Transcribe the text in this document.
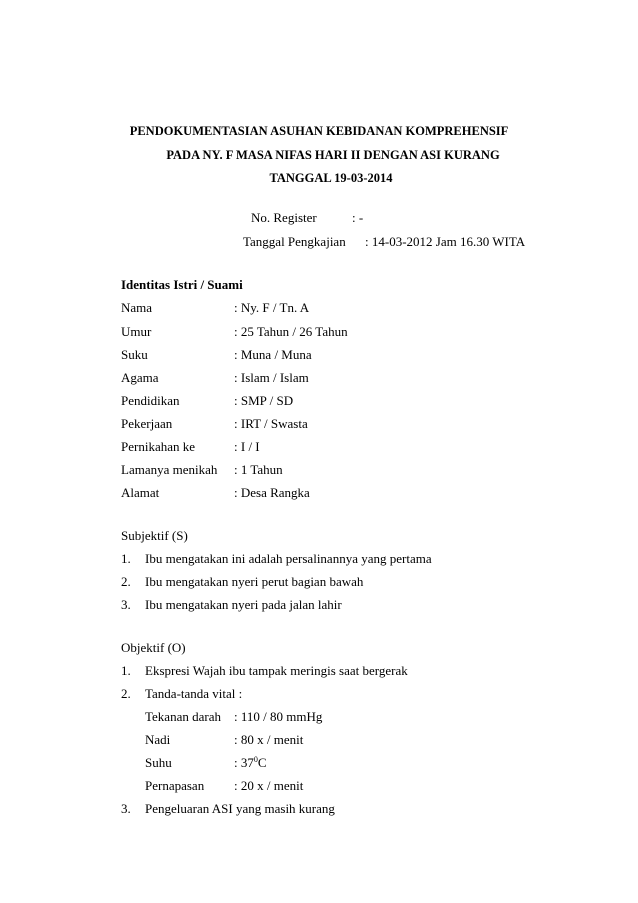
PENDOKUMENTASIAN ASUHAN KEBIDANAN KOMPREHENSIF
PADA NY. F MASA NIFAS HARI II DENGAN ASI KURANG
TANGGAL 19-03-2014
No. Register	: -
Tanggal Pengkajian : 14-03-2012 Jam 16.30 WITA
Identitas Istri / Suami
Nama	: Ny. F / Tn. A
Umur	: 25 Tahun / 26 Tahun
Suku	: Muna / Muna
Agama	: Islam / Islam
Pendidikan	: SMP / SD
Pekerjaan	: IRT / Swasta
Pernikahan ke	: I / I
Lamanya menikah : 1 Tahun
Alamat	: Desa Rangka
Subjektif (S)
1. Ibu mengatakan ini adalah persalinannya yang pertama
2. Ibu mengatakan nyeri perut bagian bawah
3. Ibu mengatakan nyeri pada jalan lahir
Objektif (O)
1. Ekspresi Wajah ibu tampak meringis saat bergerak
2. Tanda-tanda vital :
Tekanan darah : 110 / 80 mmHg
Nadi	: 80 x / menit
Suhu	: $37^0C$
Pernapasan : 20 x / menit
3. Pengeluaran ASI yang masih kurang
